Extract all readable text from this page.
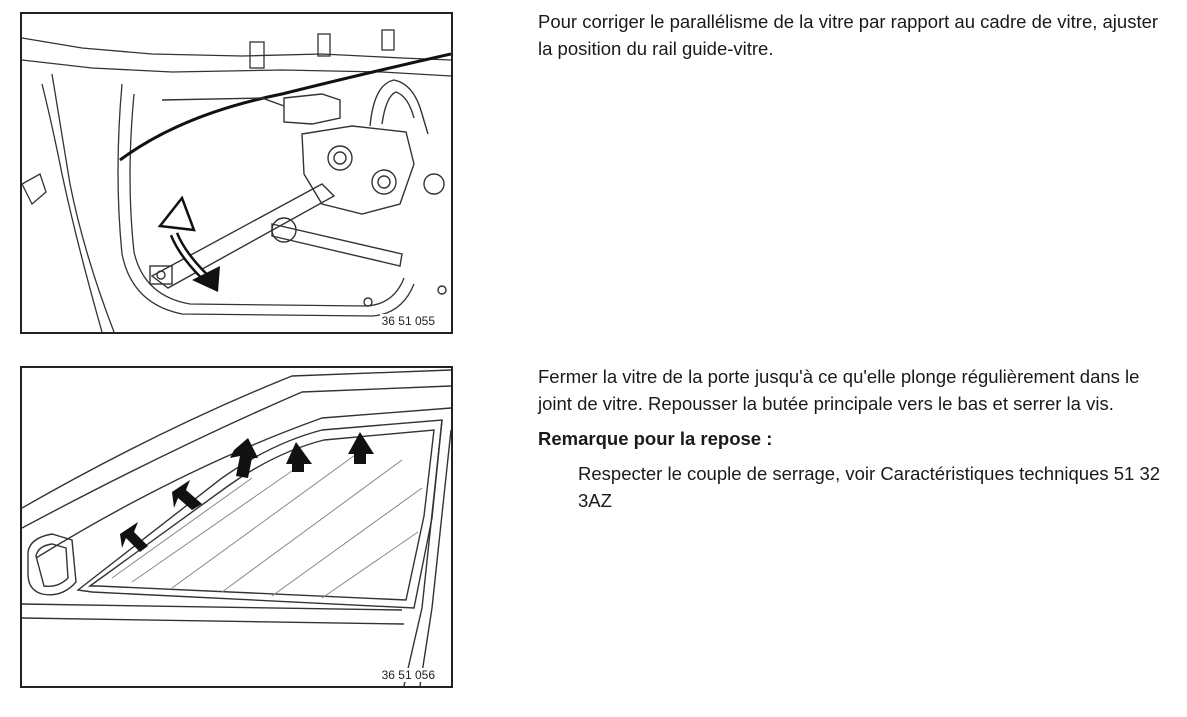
36 51 055
36 51 056

Pour corriger le parallélisme de la vitre par rapport au cadre de vitre, ajuster la position du rail guide-vitre.

Fermer la vitre de la porte jusqu'à ce qu'elle plonge régulièrement dans le joint de vitre. Repousser la butée principale vers le bas et serrer la vis.

Remarque pour la repose :

Respecter le couple de serrage, voir Caractéristiques techniques 51 32 3AZ
